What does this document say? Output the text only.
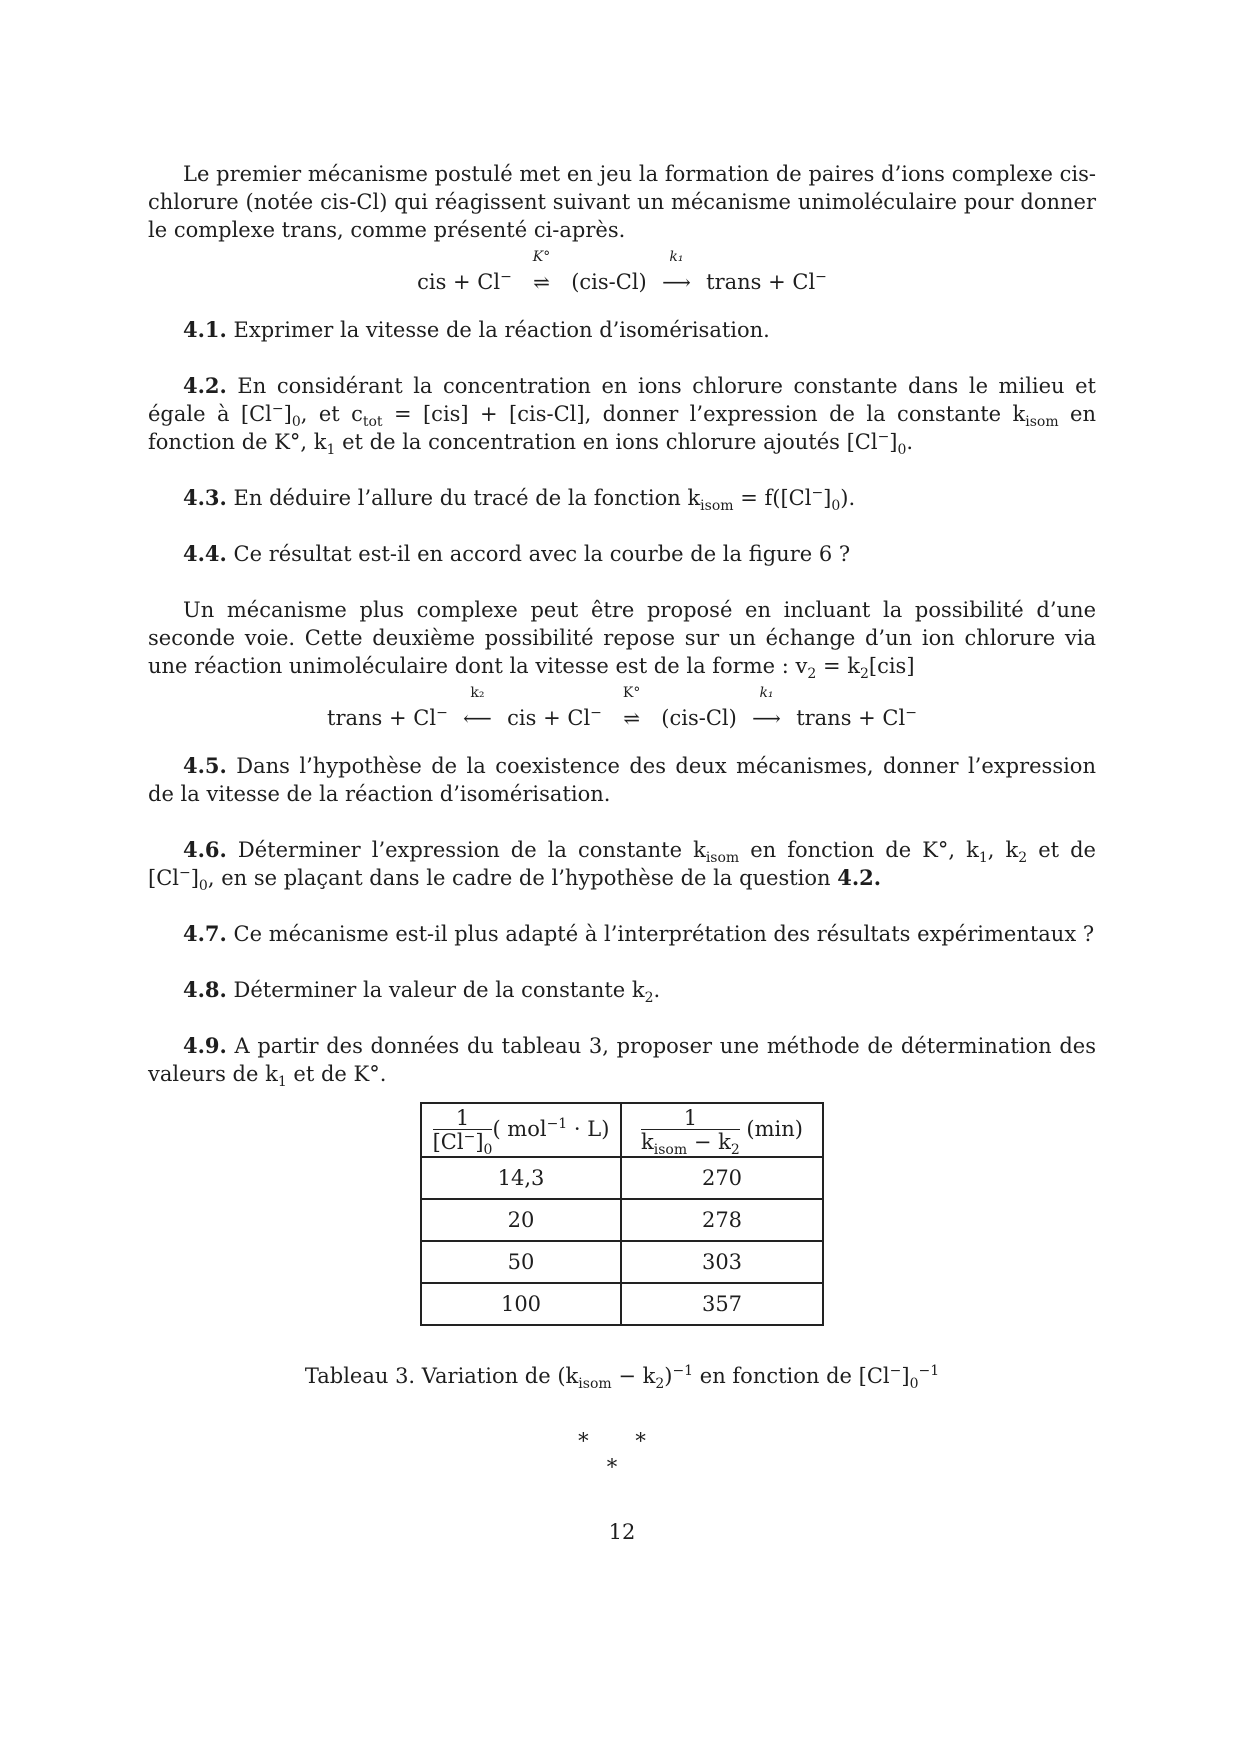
Le premier mécanisme postulé met en jeu la formation de paires d’ions complexe cis-chlorure (notée cis-Cl) qui réagissent suivant un mécanisme unimoléculaire pour donner le complexe trans, comme présenté ci-après.

cis + Cl−
K°
⇌ (cis-Cl)
k₁
⟶ trans + Cl−

4.1. Exprimer la vitesse de la réaction d’isomérisation.

4.2. En considérant la concentration en ions chlorure constante dans le milieu et égale à $[Cl^-]_0$, et $c_{tot} = [cis] + [cis-Cl]$, donner l’expression de la constante $k_{isom}$ en fonction de K°, $k_1$ et de la concentration en ions chlorure ajoutés $[Cl^-]_0$.

4.3. En déduire l’allure du tracé de la fonction $k_{isom} = f([Cl^-]_0)$.

4.4. Ce résultat est-il en accord avec la courbe de la figure 6 ?

Un mécanisme plus complexe peut être proposé en incluant la possibilité d’une seconde voie. Cette deuxième possibilité repose sur un échange d’un ion chlorure via une réaction unimoléculaire dont la vitesse est de la forme : $v_2 = k_2[cis]$

trans + Cl−
k₂
⟵ cis + Cl−
K°
⇌ (cis-Cl)
k₁
⟶ trans + Cl−

4.5. Dans l’hypothèse de la coexistence des deux mécanismes, donner l’expression de la vitesse de la réaction d’isomérisation.

4.6. Déterminer l’expression de la constante $k_{isom}$ en fonction de K°, $k_1$, $k_2$ et de $[Cl^-]_0$, en se plaçant dans le cadre de l’hypothèse de la question 4.2.

4.7. Ce mécanisme est-il plus adapté à l’interprétation des résultats expérimentaux ?

4.8. Déterminer la valeur de la constante $k_2$.

4.9. A partir des données du tableau 3, proposer une méthode de détermination des valeurs de $k_1$ et de K°.

$\frac{1}{[Cl^-]_0}$ ( mol$^{-1}$ · L)	$\frac{1}{k_{isom} - k_2} (\min)$
14,3	270
20	278
50	303
100	357

Tableau 3. Variation de $(k_{isom} - k_2)^{-1}$ en fonction de $[Cl^-]_0^{-1}$

* *
*
12
